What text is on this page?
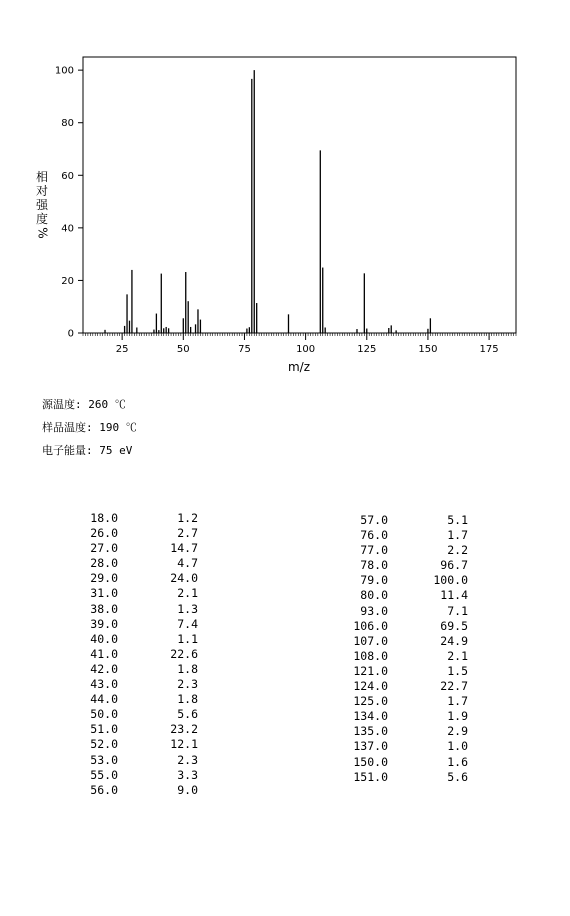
0
20
40
60
80
100
25	50	75	100	125	150	175
m/z
相
对
强
度
%
源温度: 260 ℃
样品温度: 190 ℃
电子能量: 75 eV
18.0	1.2
26.0	2.7
27.0	14.7
28.0	4.7
29.0	24.0
31.0	2.1
38.0	1.3
39.0	7.4
40.0	1.1
41.0	22.6
42.0	1.8
43.0	2.3
44.0	1.8
50.0	5.6
51.0	23.2
52.0	12.1
53.0	2.3
55.0	3.3
56.0	9.0
57.0	5.1
76.0	1.7
77.0	2.2
78.0	96.7
79.0	100.0
80.0	11.4
93.0	7.1
106.0	69.5
107.0	24.9
108.0	2.1
121.0	1.5
124.0	22.7
125.0	1.7
134.0	1.9
135.0	2.9
137.0	1.0
150.0	1.6
151.0	5.6
